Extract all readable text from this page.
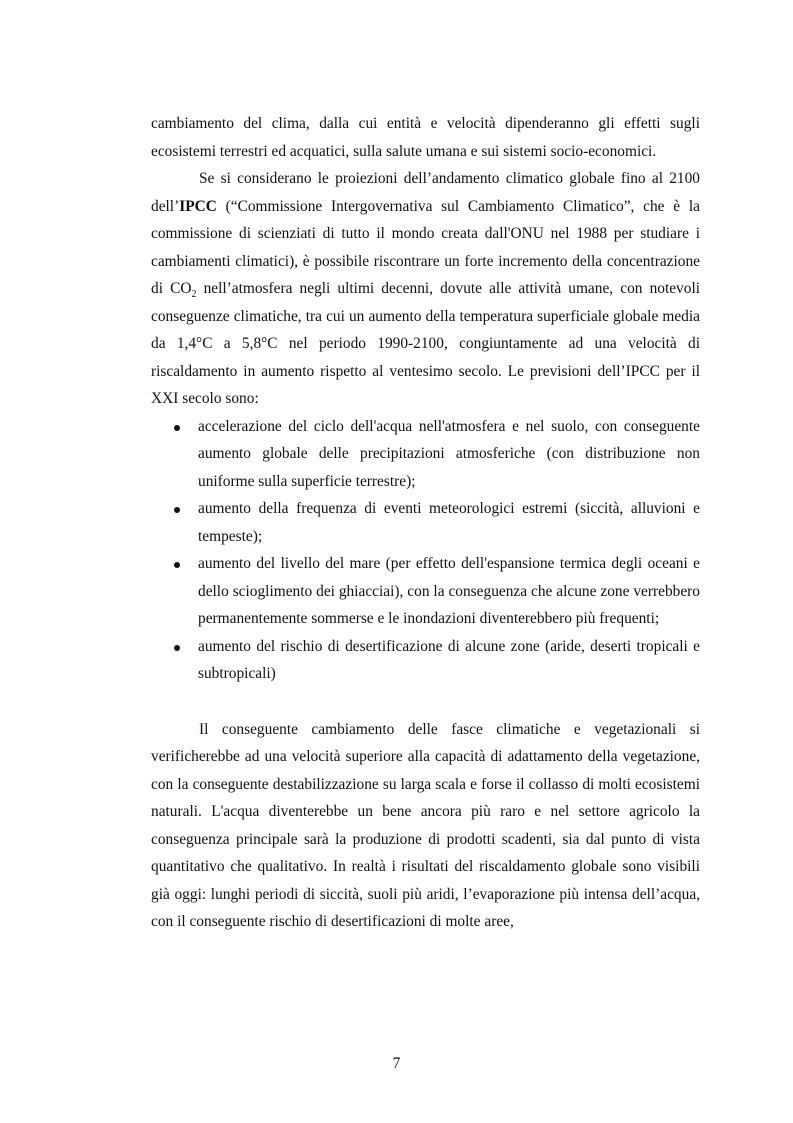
cambiamento del clima, dalla cui entità e velocità dipenderanno gli effetti sugli ecosistemi terrestri ed acquatici, sulla salute umana e sui sistemi socio-economici.

Se si considerano le proiezioni dell’andamento climatico globale fino al 2100 dell’IPCC (“Commissione Intergovernativa sul Cambiamento Climatico”, che è la commissione di scienziati di tutto il mondo creata dall'ONU nel 1988 per studiare i cambiamenti climatici), è possibile riscontrare un forte incremento della concentrazione di $CO_2$ nell’atmosfera negli ultimi decenni, dovute alle attività umane, con notevoli conseguenze climatiche, tra cui un aumento della temperatura superficiale globale media da 1,4°C a 5,8°C nel periodo 1990-2100, congiuntamente ad una velocità di riscaldamento in aumento rispetto al ventesimo secolo. Le previsioni dell’IPCC per il XXI secolo sono:

accelerazione del ciclo dell'acqua nell'atmosfera e nel suolo, con conseguente aumento globale delle precipitazioni atmosferiche (con distribuzione non uniforme sulla superficie terrestre);
aumento della frequenza di eventi meteorologici estremi (siccità, alluvioni e tempeste);
aumento del livello del mare (per effetto dell'espansione termica degli oceani e dello scioglimento dei ghiacciai), con la conseguenza che alcune zone verrebbero permanentemente sommerse e le inondazioni diventerebbero più frequenti;
aumento del rischio di desertificazione di alcune zone (aride, deserti tropicali e subtropicali)

Il conseguente cambiamento delle fasce climatiche e vegetazionali si verificherebbe ad una velocità superiore alla capacità di adattamento della vegetazione, con la conseguente destabilizzazione su larga scala e forse il collasso di molti ecosistemi naturali. L'acqua diventerebbe un bene ancora più raro e nel settore agricolo la conseguenza principale sarà la produzione di prodotti scadenti, sia dal punto di vista quantitativo che qualitativo. In realtà i risultati del riscaldamento globale sono visibili già oggi: lunghi periodi di siccità, suoli più aridi, l’evaporazione più intensa dell’acqua, con il conseguente rischio di desertificazioni di molte aree,

7
